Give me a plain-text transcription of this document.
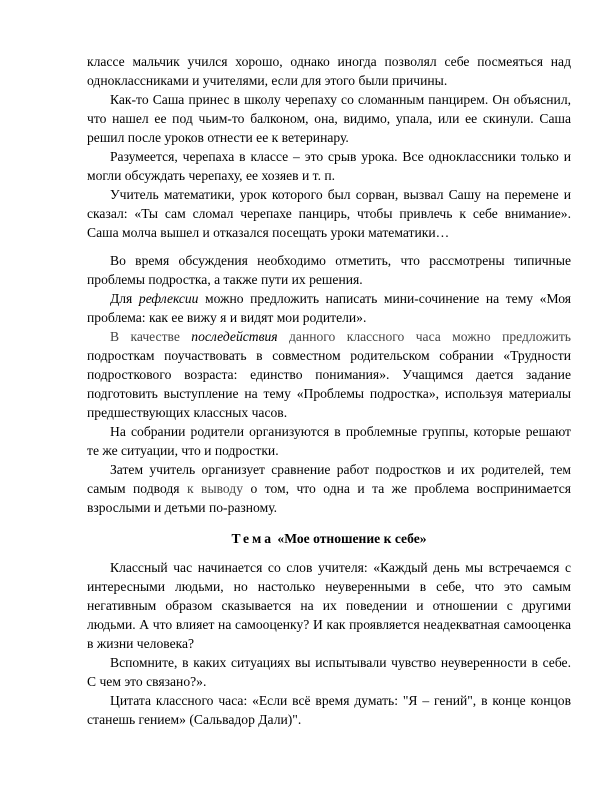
классе мальчик учился хорошо, однако иногда позволял себе посмеяться над одноклассниками и учителями, если для этого были причины.

Как-то Саша принес в школу черепаху со сломанным панцирем. Он объяснил, что нашел ее под чьим-то балконом, она, видимо, упала, или ее скинули. Саша решил после уроков отнести ее к ветеринару.

Разумеется, черепаха в классе – это срыв урока. Все одноклассники только и могли обсуждать черепаху, ее хозяев и т. п.

Учитель математики, урок которого был сорван, вызвал Сашу на перемене и сказал: «Ты сам сломал черепахе панцирь, чтобы привлечь к себе внимание». Саша молча вышел и отказался посещать уроки математики…

Во время обсуждения необходимо отметить, что рассмотрены типичные проблемы подростка, а также пути их решения.

Для рефлексии можно предложить написать мини-сочинение на тему «Моя проблема: как ее вижу я и видят мои родители».

В качестве последействия данного классного часа можно предложить подросткам поучаствовать в совместном родительском собрании «Трудности подросткового возраста: единство понимания». Учащимся дается задание подготовить выступление на тему «Проблемы подростка», используя материалы предшествующих классных часов.

На собрании родители организуются в проблемные группы, которые решают те же ситуации, что и подростки.

Затем учитель организует сравнение работ подростков и их родителей, тем самым подводя к выводу о том, что одна и та же проблема воспринимается взрослыми и детьми по-разному.

Тема «Мое отношение к себе»

Классный час начинается со слов учителя: «Каждый день мы встречаемся с интересными людьми, но настолько неуверенными в себе, что это самым негативным образом сказывается на их поведении и отношении с другими людьми. А что влияет на самооценку? И как проявляется неадекватная самооценка в жизни человека?

Вспомните, в каких ситуациях вы испытывали чувство неуверенности в себе. С чем это связано?».

Цитата классного часа: «Если всё время думать: "Я – гений", в конце концов станешь гением» (Сальвадор Дали)".
